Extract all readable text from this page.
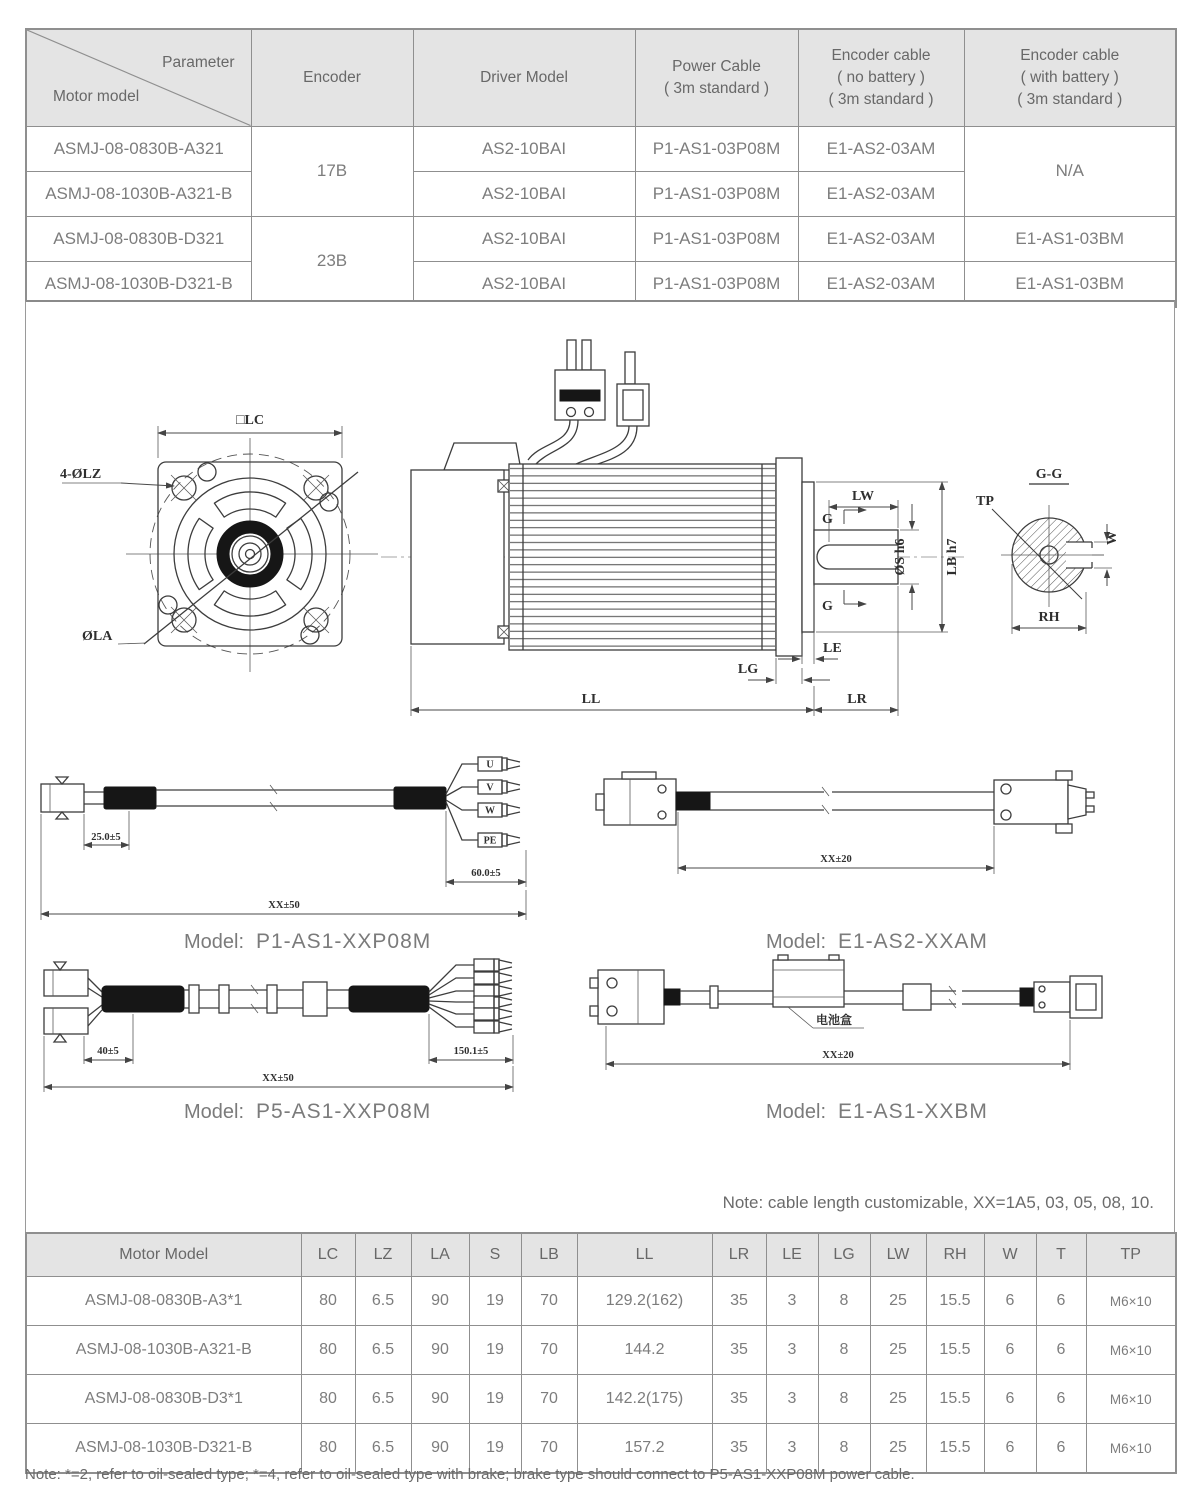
Parameter
Motor model
	Encoder	Driver Model	
Power Cable
( 3m standard )

Encoder cable
( no battery )
( 3m standard )

Encoder cable
( with battery )
( 3m standard )

ASMJ-08-0830B-A321	17B	AS2-10BAI	P1-AS1-03P08M	E1-AS2-03AM	N/A
ASMJ-08-1030B-A321-B		AS2-10BAI	P1-AS1-03P08M	E1-AS2-03AM	
ASMJ-08-0830B-D321	23B	AS2-10BAI	P1-AS1-03P08M	E1-AS2-03AM	E1-AS1-03BM
ASMJ-08-1030B-D321-B		AS2-10BAI	P1-AS1-03P08M	E1-AS2-03AM	E1-AS1-03BM
□LC
4-ØLZ
ØLA
LW
G
G
ØS h6	LB h7
LE
LG
LL	LR
G-G
TP
W
RH
U
V
W
PE
25.0±5
60.0±5
XX±50
Model: P1-AS1-XXP08M
XX±20
Model: E1-AS2-XXAM
40±5	150.1±5
XX±50
Model: P5-AS1-XXP08M
电池盒
XX±20
Model: E1-AS1-XXBM
Note: cable length customizable, XX=1A5, 03, 05, 08, 10.
Motor Model	LC	LZ	LA	S	LB	LL	LR	LE	LG	LW	RH	W	T	TP
ASMJ-08-0830B-A3*1	80	6.5	90	19	70	129.2(162)	35	3	8	25	15.5	6	6	M6×10
ASMJ-08-1030B-A321-B	80	6.5	90	19	70	144.2	35	3	8	25	15.5	6	6	M6×10
ASMJ-08-0830B-D3*1	80	6.5	90	19	70	142.2(175)	35	3	8	25	15.5	6	6	M6×10
ASMJ-08-1030B-D321-B	80	6.5	90	19	70	157.2	35	3	8	25	15.5	6	6	M6×10
Note: *=2, refer to oil-sealed type; *=4, refer to oil-sealed type with brake; brake type should connect to P5-AS1-XXP08M power cable.
